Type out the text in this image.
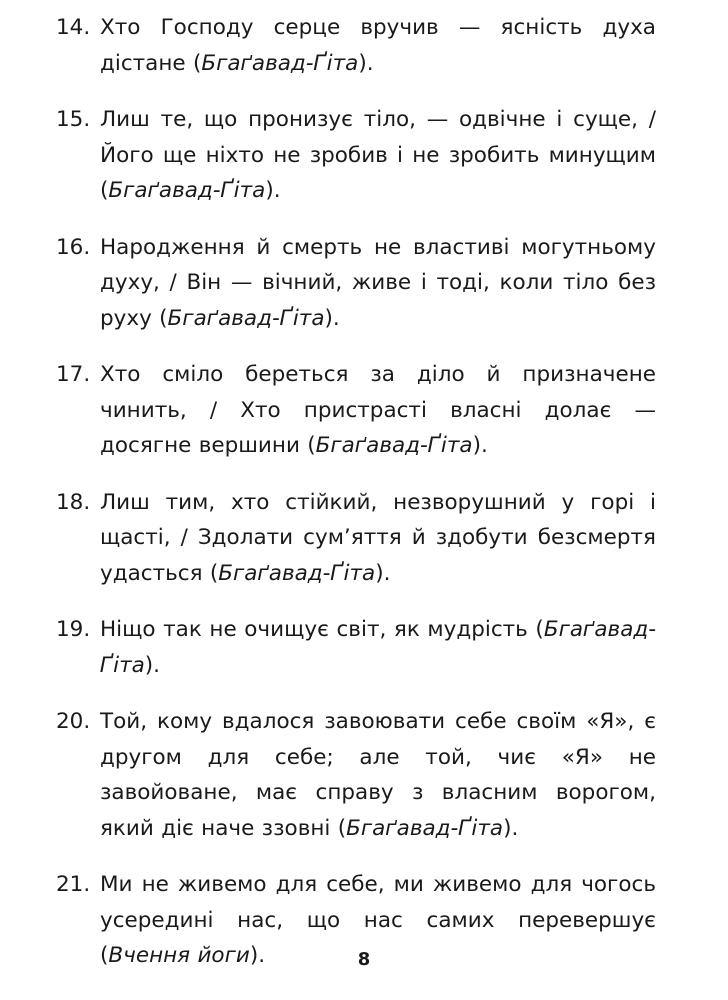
14. Хто Господу серце вручив — ясність духа дістане (Бгаґавад-Ґіта).
15. Лиш те, що пронизує тіло, — одвічне і суще, / Його ще ніхто не зробив і не зробить минущим (Бгаґавад-Ґіта).
16. Народження й смерть не властиві могутньому духу, / Він — вічний, живе і тоді, коли тіло без руху (Бгаґавад-Ґіта).
17. Хто сміло береться за діло й призначене чинить, / Хто пристрасті власні долає — досягне вершини (Бгаґавад-Ґіта).
18. Лиш тим, хто стійкий, незворушний у горі і щасті, / Здолати сум’яття й здобути безсмертя удасться (Бгаґавад-Ґіта).
19. Ніщо так не очищує світ, як мудрість (Бгаґавад-Ґіта).
20. Той, кому вдалося завоювати себе своїм «Я», є другом для себе; але той, чиє «Я» не завойоване, має справу з власним ворогом, який діє наче ззовні (Бгаґавад-Ґіта).
21. Ми не живемо для себе, ми живемо для чогось усередині нас, що нас самих перевершує (Вчення йоги).	8
